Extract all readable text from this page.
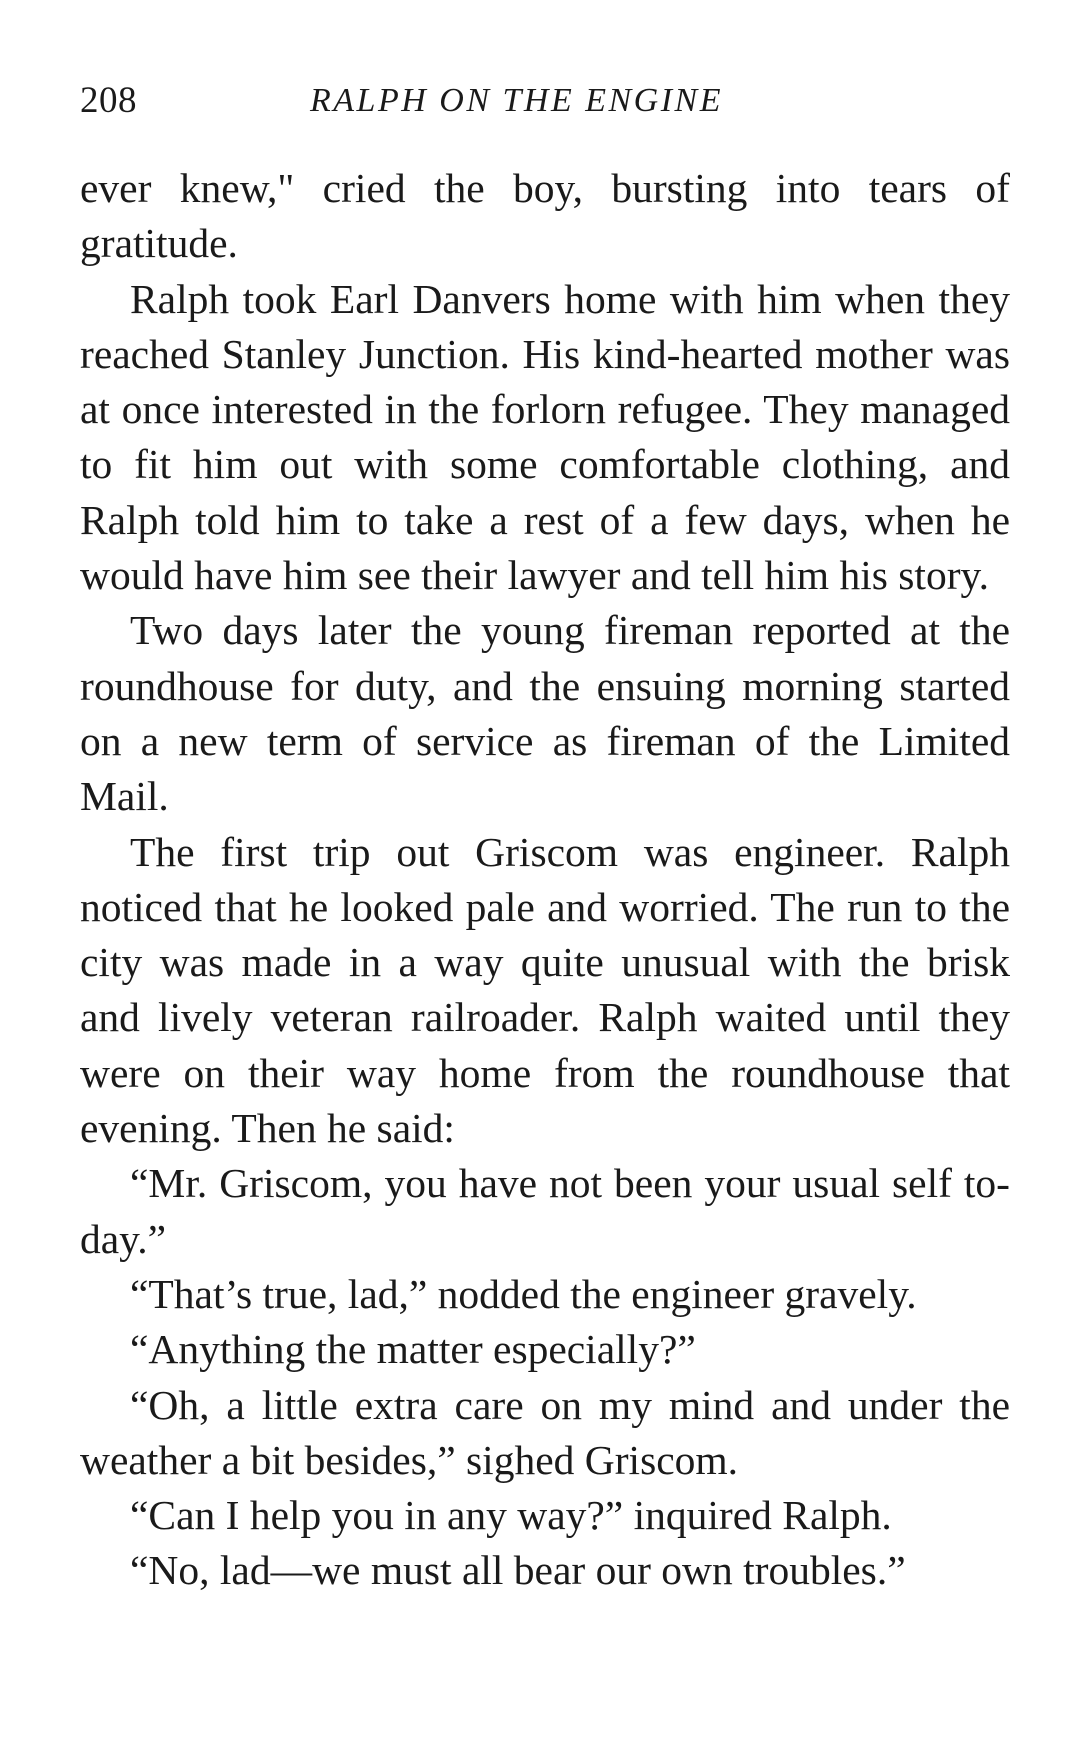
208	RALPH ON THE ENGINE

ever knew," cried the boy, bursting into tears of gratitude.

Ralph took Earl Danvers home with him when they reached Stanley Junction. His kind-hearted mother was at once interested in the forlorn refugee. They managed to fit him out with some comfortable clothing, and Ralph told him to take a rest of a few days, when he would have him see their lawyer and tell him his story.

Two days later the young fireman reported at the roundhouse for duty, and the ensuing morning started on a new term of service as fireman of the Limited Mail.

The first trip out Griscom was engineer. Ralph noticed that he looked pale and worried. The run to the city was made in a way quite unusual with the brisk and lively veteran railroader. Ralph waited until they were on their way home from the roundhouse that evening. Then he said:

“Mr. Griscom, you have not been your usual self to-day.”

“That’s true, lad,” nodded the engineer gravely.

“Anything the matter especially?”

“Oh, a little extra care on my mind and under the weather a bit besides,” sighed Griscom.

“Can I help you in any way?” inquired Ralph.

“No, lad—we must all bear our own troubles.”
